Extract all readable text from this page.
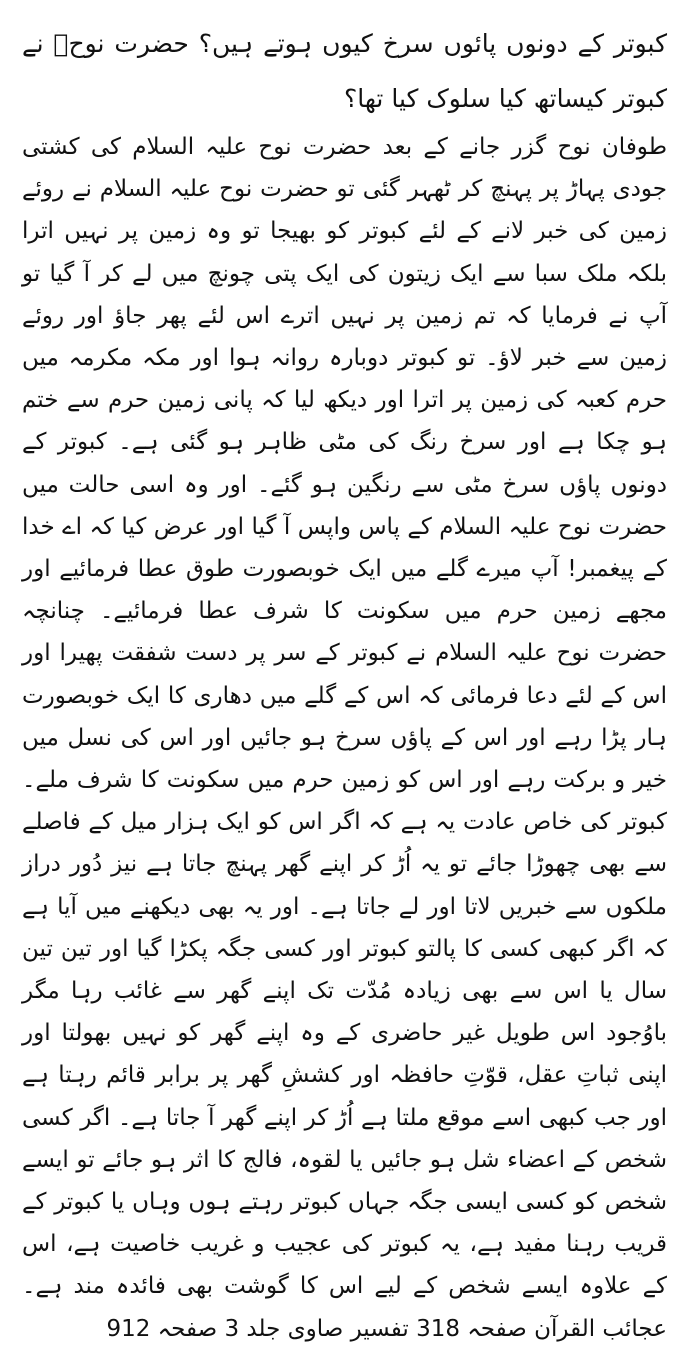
کبوتر کے دونوں پائوں سرخ کیوں ہوتے ہیں؟ حضرت نوحؑ نے کبوتر کیساتھ کیا سلوک کیا تھا؟

طوفان نوح گزر جانے کے بعد حضرت نوح علیہ السلام کی کشتی جودی پہاڑ پر پہنچ کر ٹھہر گئی تو حضرت نوح علیہ السلام نے روئے زمین کی خبر لانے کے لئے کبوتر کو بھیجا تو وہ زمین پر نہیں اترا بلکہ ملک سبا سے ایک زیتون کی ایک پتی چونچ میں لے کر آ گیا تو آپ نے فرمایا کہ تم زمین پر نہیں اترے اس لئے پھر جاؤ اور روئے زمین سے خبر لاؤ۔ تو کبوتر دوبارہ روانہ ہوا اور مکہ مکرمہ میں حرم کعبہ کی زمین پر اترا اور دیکھ لیا کہ پانی زمین حرم سے ختم ہو چکا ہے اور سرخ رنگ کی مٹی ظاہر ہو گئی ہے۔ کبوتر کے دونوں پاؤں سرخ مٹی سے رنگین ہو گئے۔ اور وہ اسی حالت میں حضرت نوح علیہ السلام کے پاس واپس آ گیا اور عرض کیا کہ اے خدا کے پیغمبر! آپ میرے گلے میں ایک خوبصورت طوق عطا فرمائیے اور مجھے زمین حرم میں سکونت کا شرف عطا فرمائیے۔ چنانچہ حضرت نوح علیہ السلام نے کبوتر کے سر پر دست شفقت پھیرا اور اس کے لئے دعا فرمائی کہ اس کے گلے میں دھاری کا ایک خوبصورت ہار پڑا رہے اور اس کے پاؤں سرخ ہو جائیں اور اس کی نسل میں خیر و برکت رہے اور اس کو زمین حرم میں سکونت کا شرف ملے۔ کبوتر کی خاص عادت یہ ہے کہ اگر اس کو ایک ہزار میل کے فاصلے سے بھی چھوڑا جائے تو یہ اُڑ کر اپنے گھر پہنچ جاتا ہے نیز دُور دراز ملکوں سے خبریں لاتا اور لے جاتا ہے۔ اور یہ بھی دیکھنے میں آیا ہے کہ اگر کبھی کسی کا پالتو کبوتر اور کسی جگہ پکڑا گیا اور تین تین سال یا اس سے بھی زیادہ مُدّت تک اپنے گھر سے غائب رہا مگر باوُجود اس طویل غیر حاضری کے وہ اپنے گھر کو نہیں بھولتا اور اپنی ثباتِ عقل، قوّتِ حافظہ اور کششِ گھر پر برابر قائم رہتا ہے اور جب کبھی اسے موقع ملتا ہے اُڑ کر اپنے گھر آ جاتا ہے۔ اگر کسی شخص کے اعضاء شل ہو جائیں یا لقوہ، فالج کا اثر ہو جائے تو ایسے شخص کو کسی ایسی جگہ جہاں کبوتر رہتے ہوں وہاں یا کبوتر کے قریب رہنا مفید ہے، یہ کبوتر کی عجیب و غریب خاصیت ہے، اس کے علاوہ ایسے شخص کے لیے اس کا گوشت بھی فائدہ مند ہے۔ عجائب القرآن صفحہ 318 تفسیر صاوی جلد 3 صفحہ 912
